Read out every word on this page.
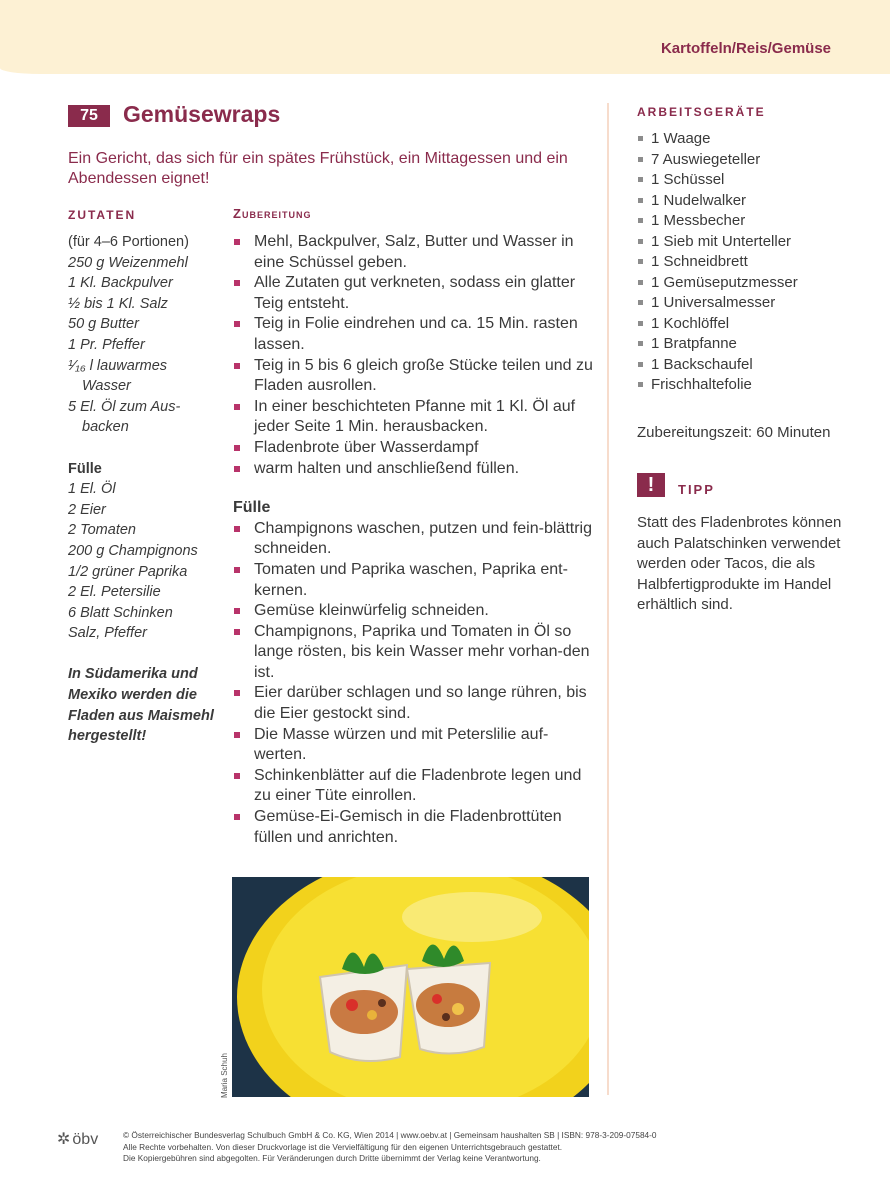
Kartoffeln/Reis/Gemüse
75	Gemüsewraps
Ein Gericht, das sich für ein spätes Frühstück, ein Mittagessen und ein Abendessen eignet!
ZUTATEN	Zubereitung
(für 4–6 Portionen)
250 g Weizenmehl
1 Kl. Backpulver
½ bis 1 Kl. Salz
50 g Butter
1 Pr. Pfeffer
¹⁄₁₆ l lauwarmes
Wasser
5 El. Öl zum Aus-
backen
Fülle
1 El. Öl
2 Eier
2 Tomaten
200 g Champignons
1/2 grüner Paprika
2 El. Petersilie
6 Blatt Schinken
Salz, Pfeffer
In Südamerika und
Mexiko werden die
Fladen aus Maismehl
hergestellt!
Mehl, Backpulver, Salz, Butter und Wasser in eine Schüssel geben.
Alle Zutaten gut verkneten, sodass ein glatter Teig entsteht.
Teig in Folie eindrehen und ca. 15 Min. rasten lassen.
Teig in 5 bis 6 gleich große Stücke teilen und zu Fladen ausrollen.
In einer beschichteten Pfanne mit 1 Kl. Öl auf jeder Seite 1 Min. herausbacken.
Fladenbrote über Wasserdampf
warm halten und anschließend füllen.
Fülle
Champignons waschen, putzen und fein-blättrig schneiden.
Tomaten und Paprika waschen, Paprika ent-kernen.
Gemüse kleinwürfelig schneiden.
Champignons, Paprika und Tomaten in Öl so lange rösten, bis kein Wasser mehr vorhan-den ist.
Eier darüber schlagen und so lange rühren, bis die Eier gestockt sind.
Die Masse würzen und mit Peterslilie auf-werten.
Schinkenblätter auf die Fladenbrote legen und zu einer Tüte einrollen.
Gemüse-Ei-Gemisch in die Fladenbrottüten füllen und anrichten.
ARBEITSGERÄTE
1 Waage
7 Auswiegeteller
1 Schüssel
1 Nudelwalker
1 Messbecher
1 Sieb mit Unterteller
1 Schneidbrett
1 Gemüseputzmesser
1 Universalmesser
1 Kochlöffel
1 Bratpfanne
1 Backschaufel
Frischhaltefolie
Zubereitungszeit: 60 Minuten
!	TIPP
Statt des Fladenbrotes können auch Palatschinken verwendet werden oder Tacos, die als Halbfertigprodukte im Handel erhältlich sind.
Maria Schuh
✲ öbv	© Österreichischer Bundesverlag Schulbuch GmbH & Co. KG, Wien 2014 | www.oebv.at | Gemeinsam haushalten SB | ISBN: 978-3-209-07584-0
Alle Rechte vorbehalten. Von dieser Druckvorlage ist die Vervielfältigung für den eigenen Unterrichtsgebrauch gestattet.
Die Kopiergebühren sind abgegolten. Für Veränderungen durch Dritte übernimmt der Verlag keine Verantwortung.
